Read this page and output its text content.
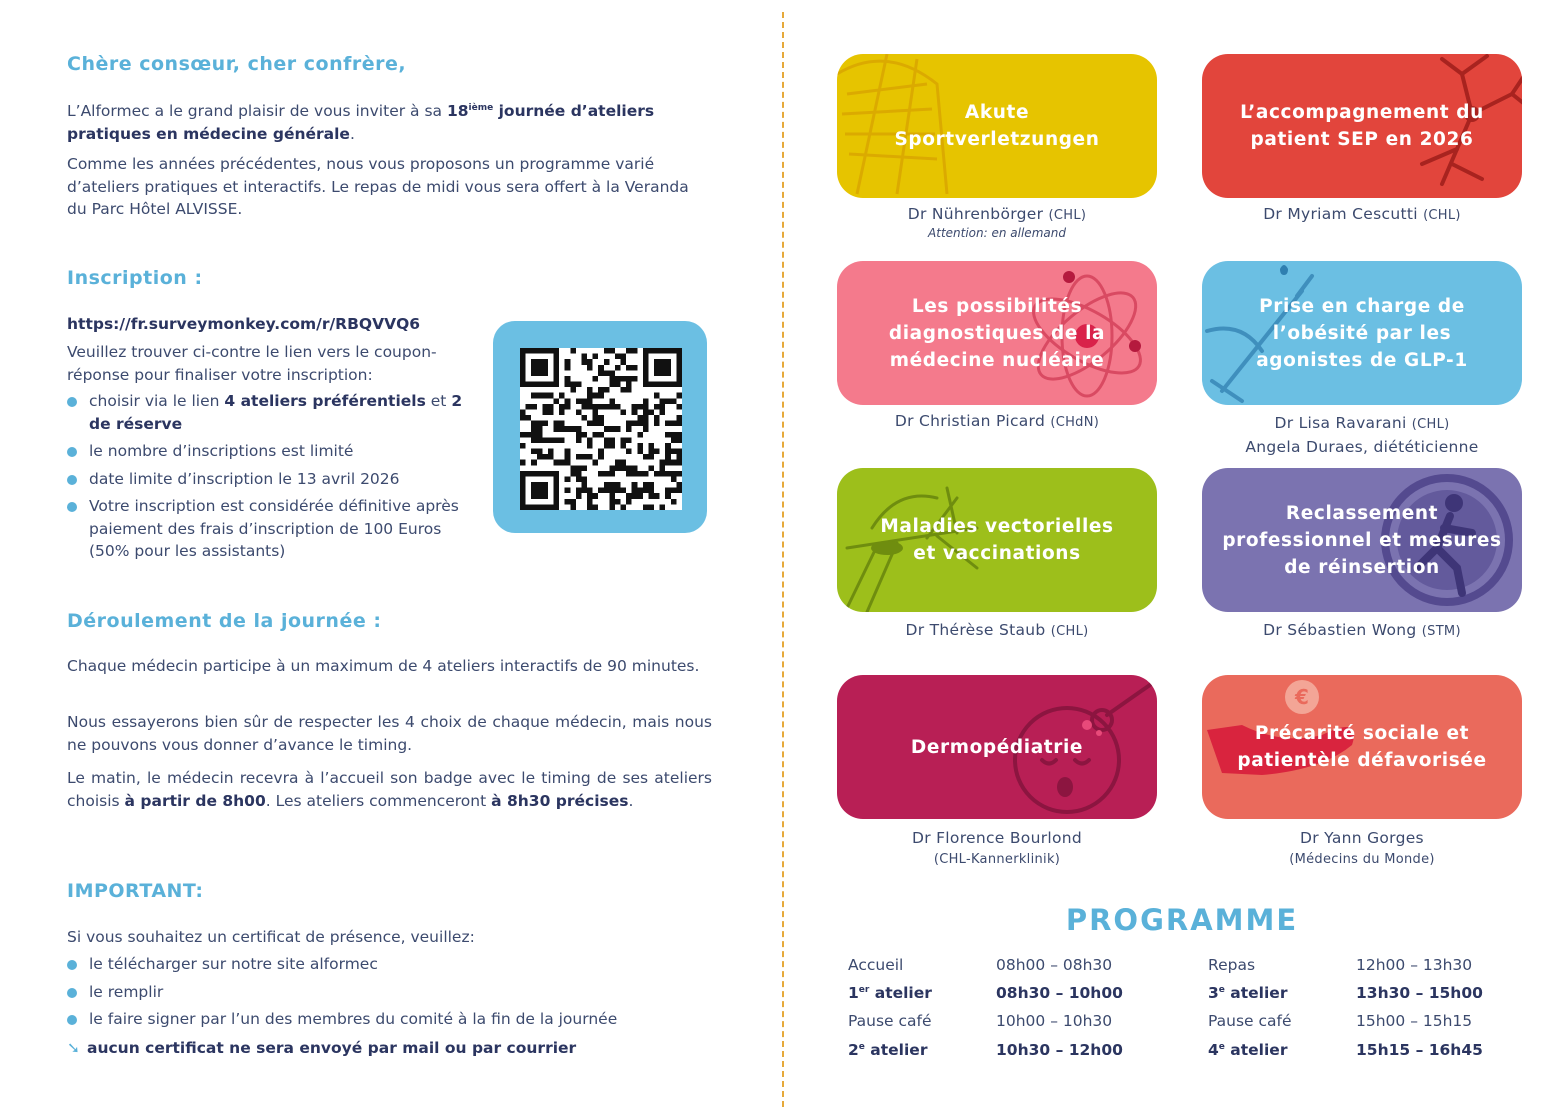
Chère consœur, cher confrère,

L’Alformec a le grand plaisir de vous inviter à sa 18ième journée d’ateliers pratiques en médecine générale.

Comme les années précédentes, nous vous proposons un programme varié d’ateliers pratiques et interactifs. Le repas de midi vous sera offert à la Veranda du Parc Hôtel ALVISSE.

Inscription :
https://fr.surveymonkey.com/r/RBQVVQ6

Veuillez trouver ci-contre le lien vers le coupon-réponse pour finaliser votre inscription:

choisir via le lien 4 ateliers préférentiels et 2 de réserve
le nombre d’inscriptions est limité
date limite d’inscription le 13 avril 2026
Votre inscription est considérée définitive après paiement des frais d’inscription de 100 Euros (50% pour les assistants)
Déroulement de la journée :

Chaque médecin participe à un maximum de 4 ateliers interactifs de 90 minutes.

Nous essayerons bien sûr de respecter les 4 choix de chaque médecin, mais nous ne pouvons vous donner d’avance le timing.

Le matin, le médecin recevra à l’accueil son badge avec le timing de ses ateliers choisis à partir de 8h00. Les ateliers commenceront à 8h30 précises.

IMPORTANT:

Si vous souhaitez un certificat de présence, veuillez:

le télécharger sur notre site alformec
le remplir
le faire signer par l’un des membres du comité à la fin de la journée
➘ aucun certificat ne sera envoyé par mail ou par courrier
Akute Sportverletzungen
Dr Nührenbörger (CHL)
Attention: en allemand
L’accompagnement du patient SEP en 2026
Dr Myriam Cescutti (CHL)
Les possibilités diagnostiques de la médecine nucléaire
Dr Christian Picard (CHdN)
Prise en charge de l’obésité par les agonistes de GLP-1
Dr Lisa Ravarani (CHL)
Angela Duraes, diététicienne
Maladies vectorielles et vaccinations
Dr Thérèse Staub (CHL)
Reclassement professionnel et mesures de réinsertion
Dr Sébastien Wong (STM)
Dermopédiatrie
Dr Florence Bourlond
(CHL-Kannerklinik)
€
Précarité sociale et patientèle défavorisée
Dr Yann Gorges
(Médecins du Monde)
PROGRAMME
Accueil	08h00 – 08h30	Repas	12h00 – 13h30
1er atelier	08h30 – 10h00	3e atelier	13h30 – 15h00
Pause café	10h00 – 10h30	Pause café	15h00 – 15h15
2e atelier	10h30 – 12h00	4e atelier	15h15 – 16h45
